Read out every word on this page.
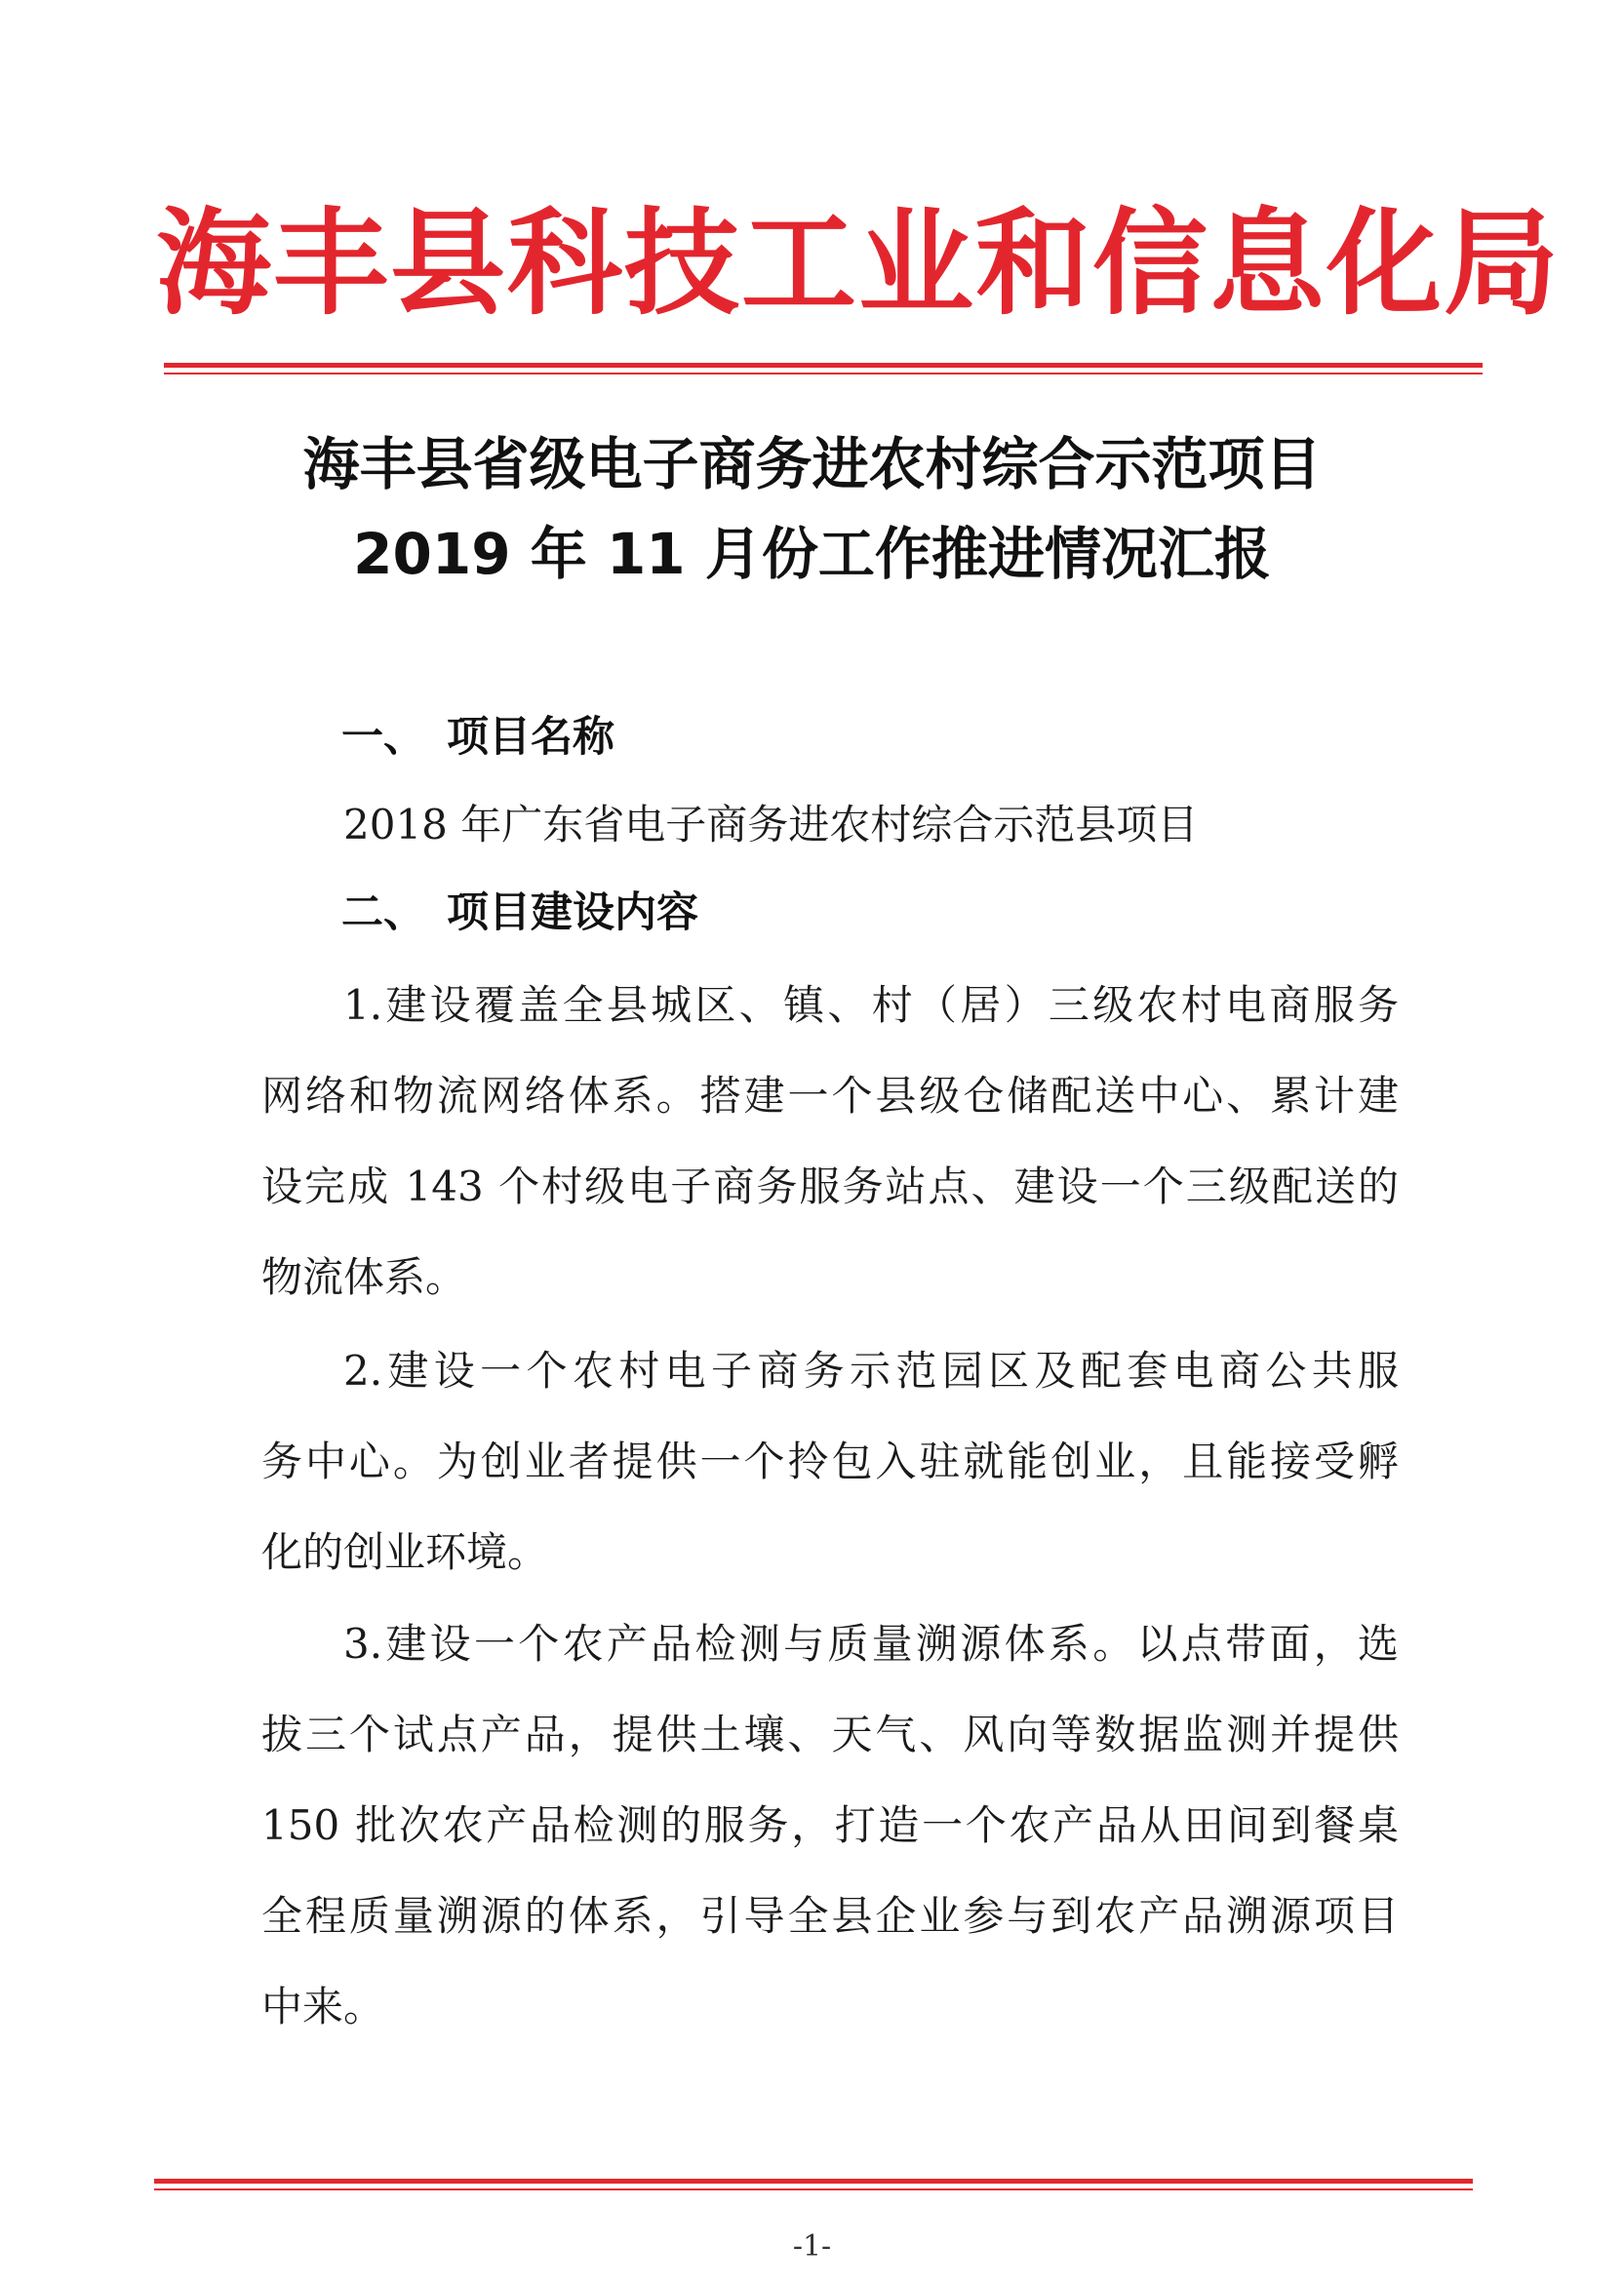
海丰县科技工业和信息化局
海丰县省级电子商务进农村综合示范项目
2019 年 11 月份工作推进情况汇报
一、 项目名称
2018 年广东省电子商务进农村综合示范县项目
二、 项目建设内容
1.建设覆盖全县城区、镇、村（居）三级农村电商服务
网络和物流网络体系。搭建一个县级仓储配送中心、累计建
设完成 143 个村级电子商务服务站点、建设一个三级配送的
物流体系。
2.建设一个农村电子商务示范园区及配套电商公共服
务中心。为创业者提供一个拎包入驻就能创业，且能接受孵
化的创业环境。
3.建设一个农产品检测与质量溯源体系。以点带面，选
拔三个试点产品，提供土壤、天气、风向等数据监测并提供
150 批次农产品检测的服务，打造一个农产品从田间到餐桌
全程质量溯源的体系，引导全县企业参与到农产品溯源项目
中来。
-1-
